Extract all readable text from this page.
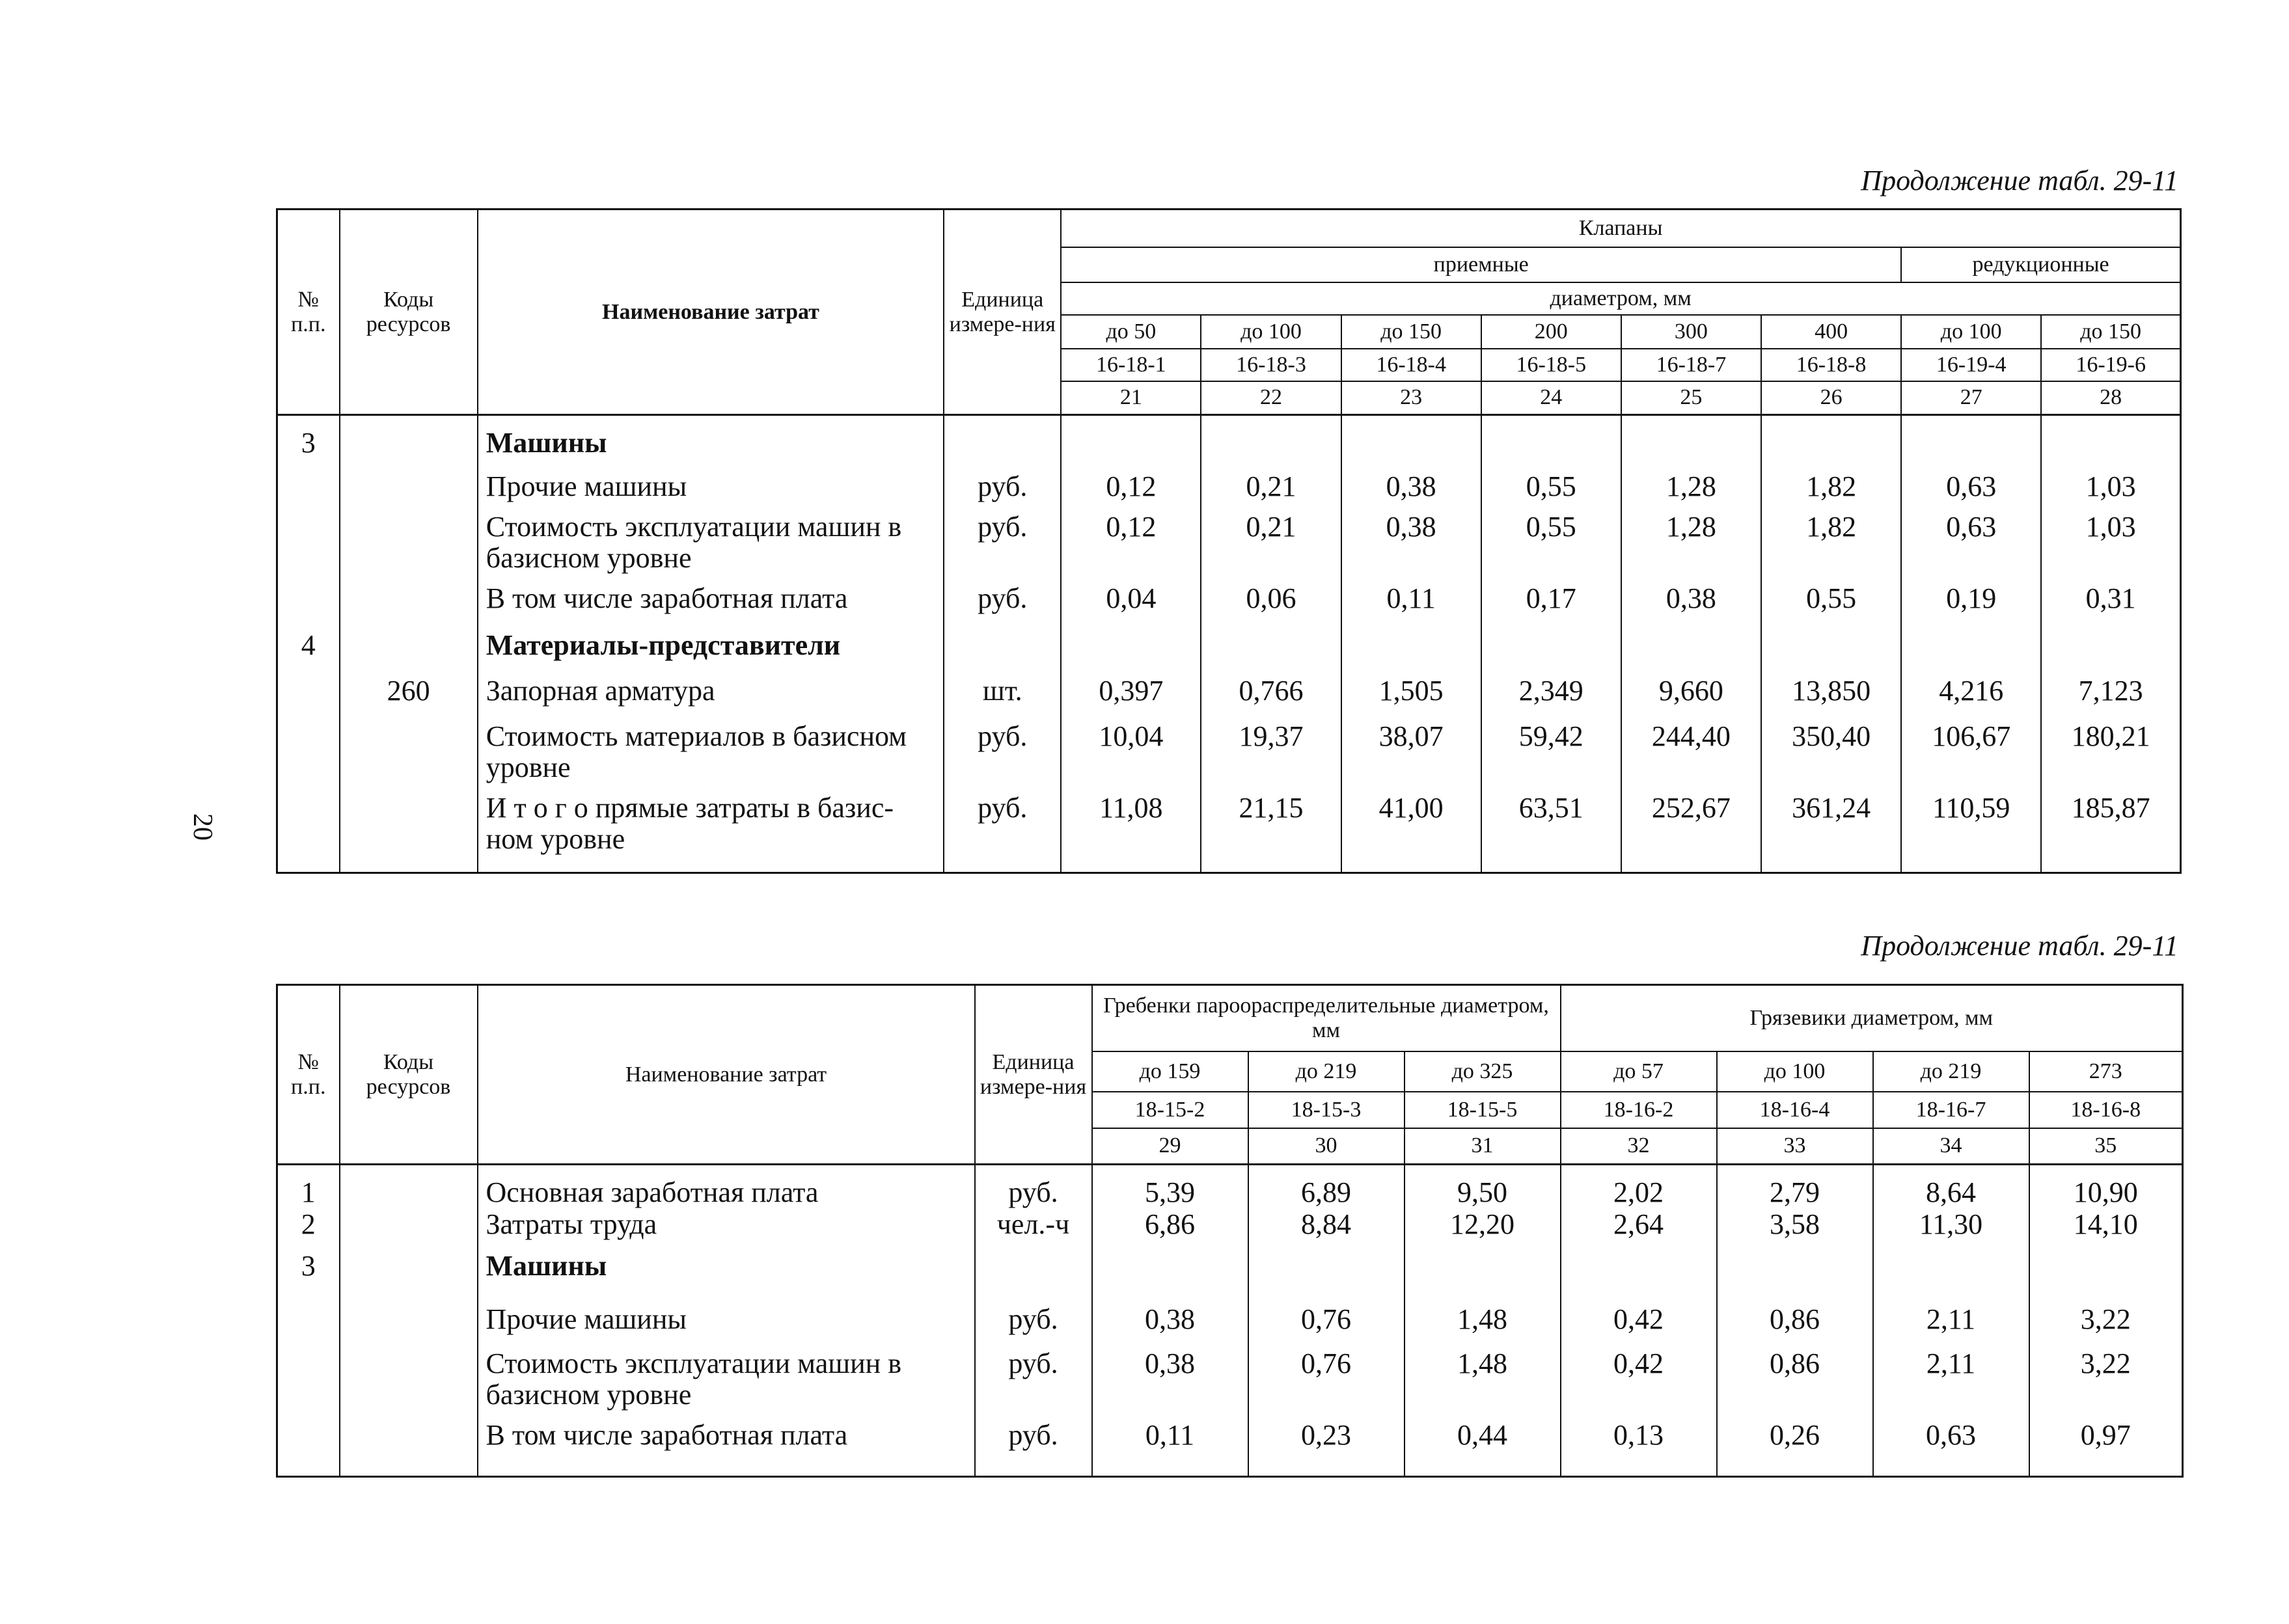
Продолжение табл. 29-11
Продолжение табл. 29-11
20
№ п.п.	Коды ресурсов	Наименование затрат	Единица измере-ния	Клапаны							
				приемные						редукционные	
				диаметром, мм							
				до 50	до 100	до 150	200	300	400	до 100	до 150
				16-18-1	16-18-3	16-18-4	16-18-5	16-18-7	16-18-8	16-19-4	16-19-6
				21	22	23	24	25	26	27	28
3		Машины									
		Прочие машины	руб.	0,12	0,21	0,38	0,55	1,28	1,82	0,63	1,03
		Стоимость эксплуатации машин в базисном уровне	руб.	0,12	0,21	0,38	0,55	1,28	1,82	0,63	1,03
		В том числе заработная плата	руб.	0,04	0,06	0,11	0,17	0,38	0,55	0,19	0,31
4		Материалы-представители									
	260	Запорная арматура	шт.	0,397	0,766	1,505	2,349	9,660	13,850	4,216	7,123
		Стоимость материалов в базисном уровне	руб.	10,04	19,37	38,07	59,42	244,40	350,40	106,67	180,21
		И т о г о прямые затраты в базис-ном уровне	руб.	11,08	21,15	41,00	63,51	252,67	361,24	110,59	185,87
№ п.п.	Коды ресурсов	Наименование затрат	Единица измере-ния	Гребенки пароораспределительные диаметром, мм			Грязевики диаметром, мм			
				до 159	до 219	до 325	до 57	до 100	до 219	273
				18-15-2	18-15-3	18-15-5	18-16-2	18-16-4	18-16-7	18-16-8
				29	30	31	32	33	34	35
1		Основная заработная плата	руб.	5,39	6,89	9,50	2,02	2,79	8,64	10,90
2		Затраты труда	чел.-ч	6,86	8,84	12,20	2,64	3,58	11,30	14,10
3		Машины								
		Прочие машины	руб.	0,38	0,76	1,48	0,42	0,86	2,11	3,22
		Стоимость эксплуатации машин в базисном уровне	руб.	0,38	0,76	1,48	0,42	0,86	2,11	3,22
		В том числе заработная плата	руб.	0,11	0,23	0,44	0,13	0,26	0,63	0,97
